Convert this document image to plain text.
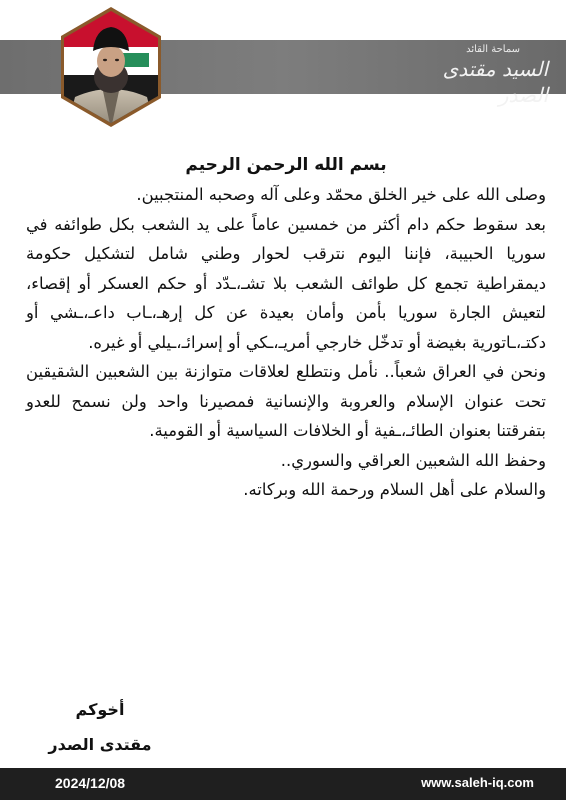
سماحة القائد
السيد مقتدى الصدر
بسم الله الرحمن الرحيم
وصلى الله على خير الخلق محمّد وعلى آله وصحبه المنتجبين.
بعد سقوط حكم دام أكثر من خمسين عاماً على يد الشعب بكل طوائفه في سوريا الحبيبة، فإننا اليوم نترقب لحوار وطني شامل لتشكيل حكومة ديمقراطية تجمع كل طوائف الشعب بلا تشـ،ـدّد أو حكم العسكر أو إقصاء، لتعيش الجارة سوريا بأمن وأمان بعيدة عن كل إرهـ،ـاب داعـ،ـشي أو دكتـ،ـاتورية بغيضة أو تدخّل خارجي أمريـ،ـكي أو إسرائـ،ـيلي أو غيره.
ونحن في العراق شعباً.. نأمل ونتطلع لعلاقات متوازنة بين الشعبين الشقيقين تحت عنوان الإسلام والعروبة والإنسانية فمصيرنا واحد ولن نسمح للعدو بتفرقتنا بعنوان الطائـ،ـفية أو الخلافات السياسية أو القومية.
وحفظ الله الشعبين العراقي والسوري..
والسلام على أهل السلام ورحمة الله وبركاته.
أخوكم
مقتدى الصدر
2024/12/08	www.saleh-iq.com
